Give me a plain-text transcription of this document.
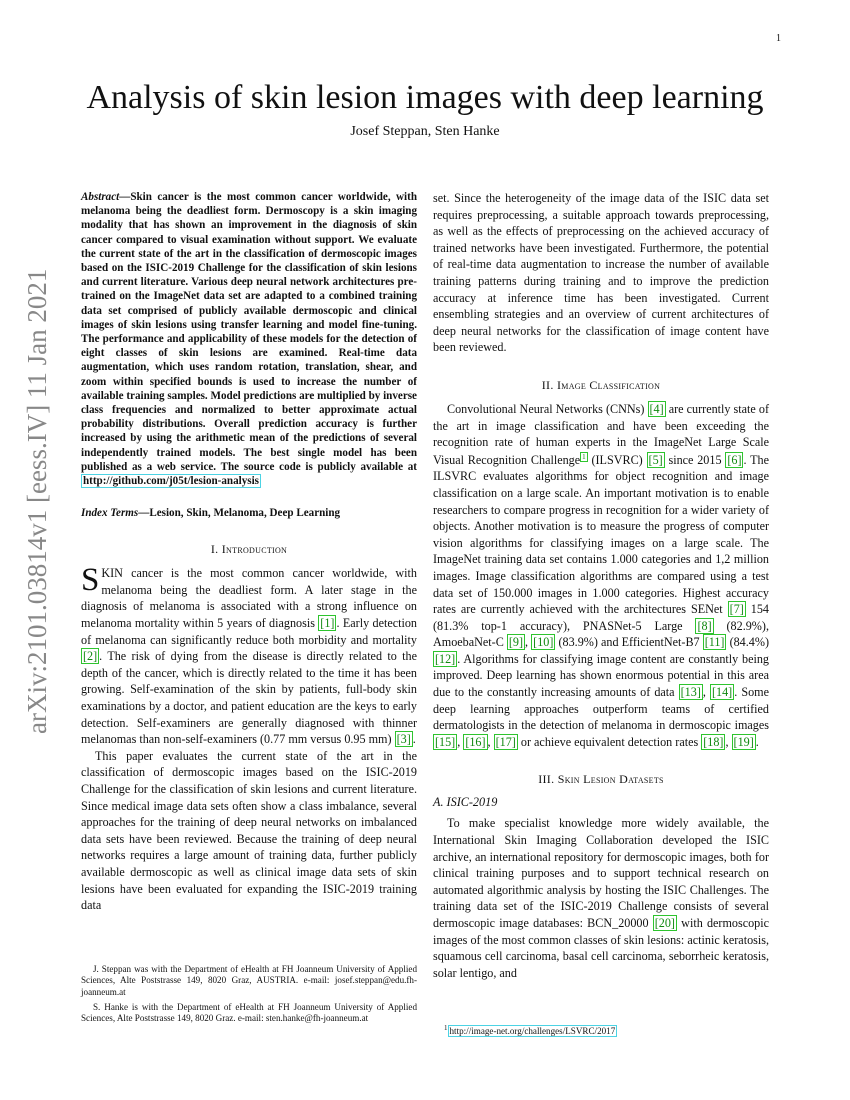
1
arXiv:2101.03814v1 [eess.IV] 11 Jan 2021
Analysis of skin lesion images with deep learning
Josef Steppan, Sten Hanke

Abstract—Skin cancer is the most common cancer worldwide, with melanoma being the deadliest form. Dermoscopy is a skin imaging modality that has shown an improvement in the diagnosis of skin cancer compared to visual examination without support. We evaluate the current state of the art in the classification of dermoscopic images based on the ISIC-2019 Challenge for the classification of skin lesions and current literature. Various deep neural network architectures pre-trained on the ImageNet data set are adapted to a combined training data set comprised of publicly available dermoscopic and clinical images of skin lesions using transfer learning and model fine-tuning. The performance and applicability of these models for the detection of eight classes of skin lesions are examined. Real-time data augmentation, which uses random rotation, translation, shear, and zoom within specified bounds is used to increase the number of available training samples. Model predictions are multiplied by inverse class frequencies and normalized to better approximate actual probability distributions. Overall prediction accuracy is further increased by using the arithmetic mean of the predictions of several independently trained models. The best single model has been published as a web service. The source code is publicly available at http://github.com/j05t/lesion-analysis

Index Terms—Lesion, Skin, Melanoma, Deep Learning

I. Introduction

SKIN cancer is the most common cancer worldwide, with melanoma being the deadliest form. A later stage in the diagnosis of melanoma is associated with a strong influence on melanoma mortality within 5 years of diagnosis [1] . Early detection of melanoma can significantly reduce both morbidity and mortality [2] . The risk of dying from the disease is directly related to the depth of the cancer, which is directly related to the time it has been growing. Self-examination of the skin by patients, full-body skin examinations by a doctor, and patient education are the keys to early detection. Self-examiners are generally diagnosed with thinner melanomas than non-self-examiners (0.77 mm versus 0.95 mm) [3] .

This paper evaluates the current state of the art in the classification of dermoscopic images based on the ISIC-2019 Challenge for the classification of skin lesions and current literature. Since medical image data sets often show a class imbalance, several approaches for the training of deep neural networks on imbalanced data sets have been reviewed. Because the training of deep neural networks requires a large amount of training data, further publicly available dermoscopic as well as clinical image data sets of skin lesions have been evaluated for expanding the ISIC-2019 training data

set. Since the heterogeneity of the image data of the ISIC data set requires preprocessing, a suitable approach towards preprocessing, as well as the effects of preprocessing on the achieved accuracy of trained networks have been investigated. Furthermore, the potential of real-time data augmentation to increase the number of available training patterns during training and to improve the prediction accuracy at inference time has been investigated. Current ensembling strategies and an overview of current architectures of deep neural networks for the classification of image content have been reviewed.

II. Image Classification

Convolutional Neural Networks (CNNs) [4] are currently state of the art in image classification and have been exceeding the recognition rate of human experts in the ImageNet Large Scale Visual Recognition Challenge $^1$ (ILSVRC) [5] since 2015 [6] . The ILSVRC evaluates algorithms for object recognition and image classification on a large scale. An important motivation is to enable researchers to compare progress in recognition for a wider variety of objects. Another motivation is to measure the progress of computer vision algorithms for classifying images on a large scale. The ImageNet training data set contains 1.000 categories and 1,2 million images. Image classification algorithms are compared using a test data set of 150.000 images in 1.000 categories. Highest accuracy rates are currently achieved with the architectures SENet [7] 154 (81.3% top-1 accuracy), PNASNet-5 Large [8] (82.9%), AmoebaNet-C [9] , [10] (83.9%) and EfficientNet-B7 [11] (84.4%) [12] . Algorithms for classifying image content are constantly being improved. Deep learning has shown enormous potential in this area due to the constantly increasing amounts of data [13] , [14] . Some deep learning approaches outperform teams of certified dermatologists in the detection of melanoma in dermoscopic images [15] , [16] , [17] or achieve equivalent detection rates [18] , [19] .

III. Skin Lesion Datasets
A. ISIC-2019

To make specialist knowledge more widely available, the International Skin Imaging Collaboration developed the ISIC archive, an international repository for dermoscopic images, both for clinical training purposes and to support technical research on automated algorithmic analysis by hosting the ISIC Challenges. The training data set of the ISIC-2019 Challenge consists of several dermoscopic image databases: BCN_20000 [20] with dermoscopic images of the most common classes of skin lesions: actinic keratosis, squamous cell carcinoma, basal cell carcinoma, seborrheic keratosis, solar lentigo, and

J. Steppan was with the Department of eHealth at FH Joanneum University of Applied Sciences, Alte Poststrasse 149, 8020 Graz, AUSTRIA. e-mail: josef.steppan@edu.fh-joanneum.at

S. Hanke is with the Department of eHealth at FH Joanneum University of Applied Sciences, Alte Poststrasse 149, 8020 Graz. e-mail: sten.hanke@fh-joanneum.at

$^1$ http://image-net.org/challenges/LSVRC/2017
